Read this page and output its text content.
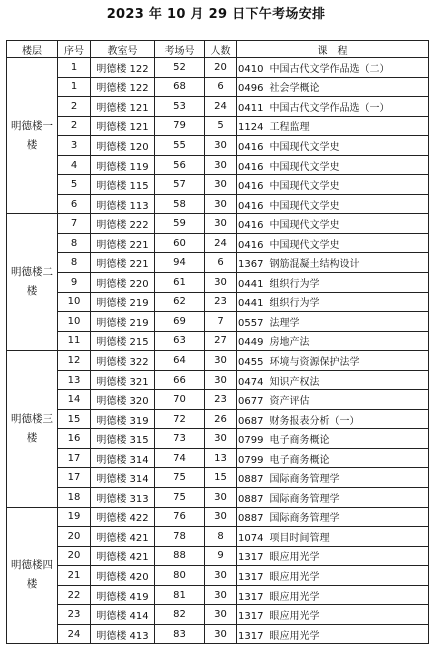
2023 年 10 月 29 日下午考场安排
楼层	序号	教室号	考场号	人数	课　程
明德楼一楼	1	明德楼 122	52	20	0410 中国古代文学作品选（二）
	1	明德楼 122	68	6	0496 社会学概论
	2	明德楼 121	53	24	0411 中国古代文学作品选（一）
	2	明德楼 121	79	5	1124 工程监理
	3	明德楼 120	55	30	0416 中国现代文学史
	4	明德楼 119	56	30	0416 中国现代文学史
	5	明德楼 115	57	30	0416 中国现代文学史
	6	明德楼 113	58	30	0416 中国现代文学史
明德楼二楼	7	明德楼 222	59	30	0416 中国现代文学史
	8	明德楼 221	60	24	0416 中国现代文学史
	8	明德楼 221	94	6	1367 钢筋混凝土结构设计
	9	明德楼 220	61	30	0441 组织行为学
	10	明德楼 219	62	23	0441 组织行为学
	10	明德楼 219	69	7	0557 法理学
	11	明德楼 215	63	27	0449 房地产法
明德楼三楼	12	明德楼 322	64	30	0455 环境与资源保护法学
	13	明德楼 321	66	30	0474 知识产权法
	14	明德楼 320	70	23	0677 资产评估
	15	明德楼 319	72	26	0687 财务报表分析（一）
	16	明德楼 315	73	30	0799 电子商务概论
	17	明德楼 314	74	13	0799 电子商务概论
	17	明德楼 314	75	15	0887 国际商务管理学
	18	明德楼 313	75	30	0887 国际商务管理学
明德楼四楼	19	明德楼 422	76	30	0887 国际商务管理学
	20	明德楼 421	78	8	1074 项目时间管理
	20	明德楼 421	88	9	1317 眼应用光学
	21	明德楼 420	80	30	1317 眼应用光学
	22	明德楼 419	81	30	1317 眼应用光学
	23	明德楼 414	82	30	1317 眼应用光学
	24	明德楼 413	83	30	1317 眼应用光学
